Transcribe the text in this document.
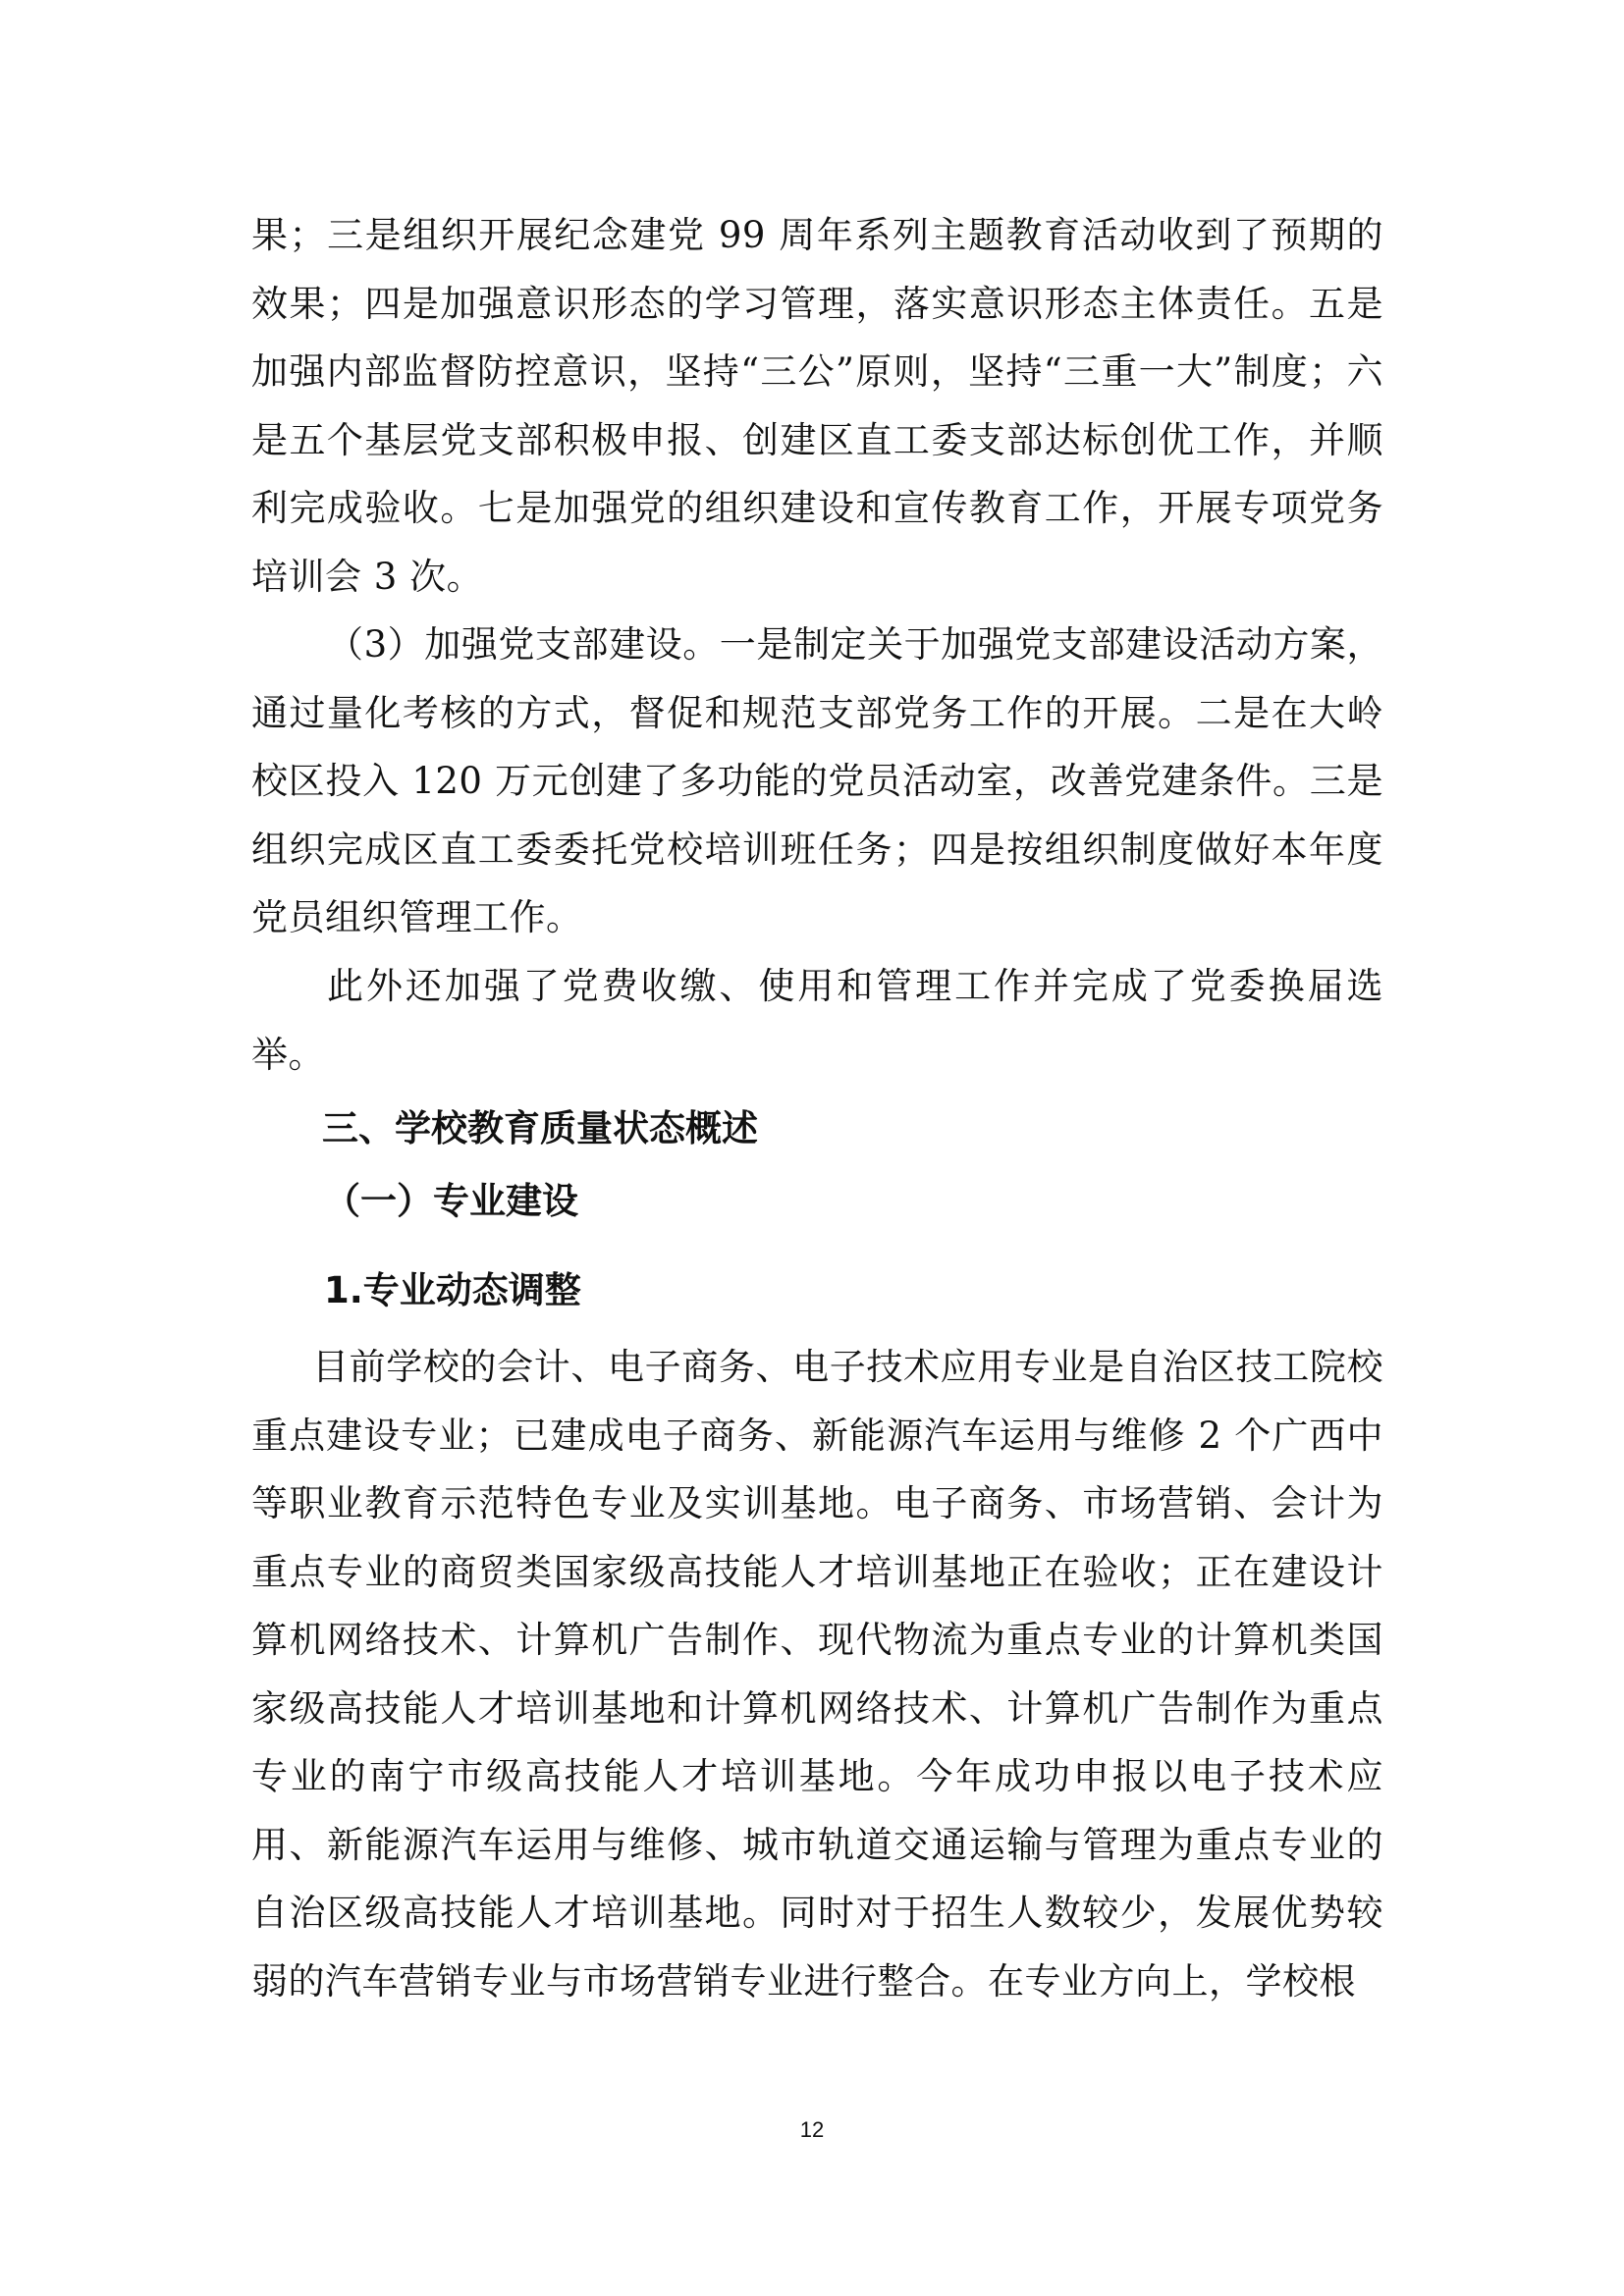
果；三是组织开展纪念建党 99 周年系列主题教育活动收到了预期的效果；四是加强意识形态的学习管理，落实意识形态主体责任。五是加强内部监督防控意识，坚持“三公”原则，坚持“三重一大”制度；六是五个基层党支部积极申报、创建区直工委支部达标创优工作，并顺利完成验收。七是加强党的组织建设和宣传教育工作，开展专项党务培训会 3 次。

（3）加强党支部建设。一是制定关于加强党支部建设活动方案，通过量化考核的方式，督促和规范支部党务工作的开展。二是在大岭校区投入 120 万元创建了多功能的党员活动室，改善党建条件。三是组织完成区直工委委托党校培训班任务；四是按组织制度做好本年度党员组织管理工作。

此外还加强了党费收缴、使用和管理工作并完成了党委换届选举。

三、学校教育质量状态概述
（一）专业建设
1.专业动态调整

目前学校的会计、电子商务、电子技术应用专业是自治区技工院校重点建设专业；已建成电子商务、新能源汽车运用与维修 2 个广西中等职业教育示范特色专业及实训基地。电子商务、市场营销、会计为重点专业的商贸类国家级高技能人才培训基地正在验收；正在建设计算机网络技术、计算机广告制作、现代物流为重点专业的计算机类国家级高技能人才培训基地和计算机网络技术、计算机广告制作为重点专业的南宁市级高技能人才培训基地。今年成功申报以电子技术应用、新能源汽车运用与维修、城市轨道交通运输与管理为重点专业的自治区级高技能人才培训基地。同时对于招生人数较少，发展优势较弱的汽车营销专业与市场营销专业进行整合。在专业方向上，学校根

12
